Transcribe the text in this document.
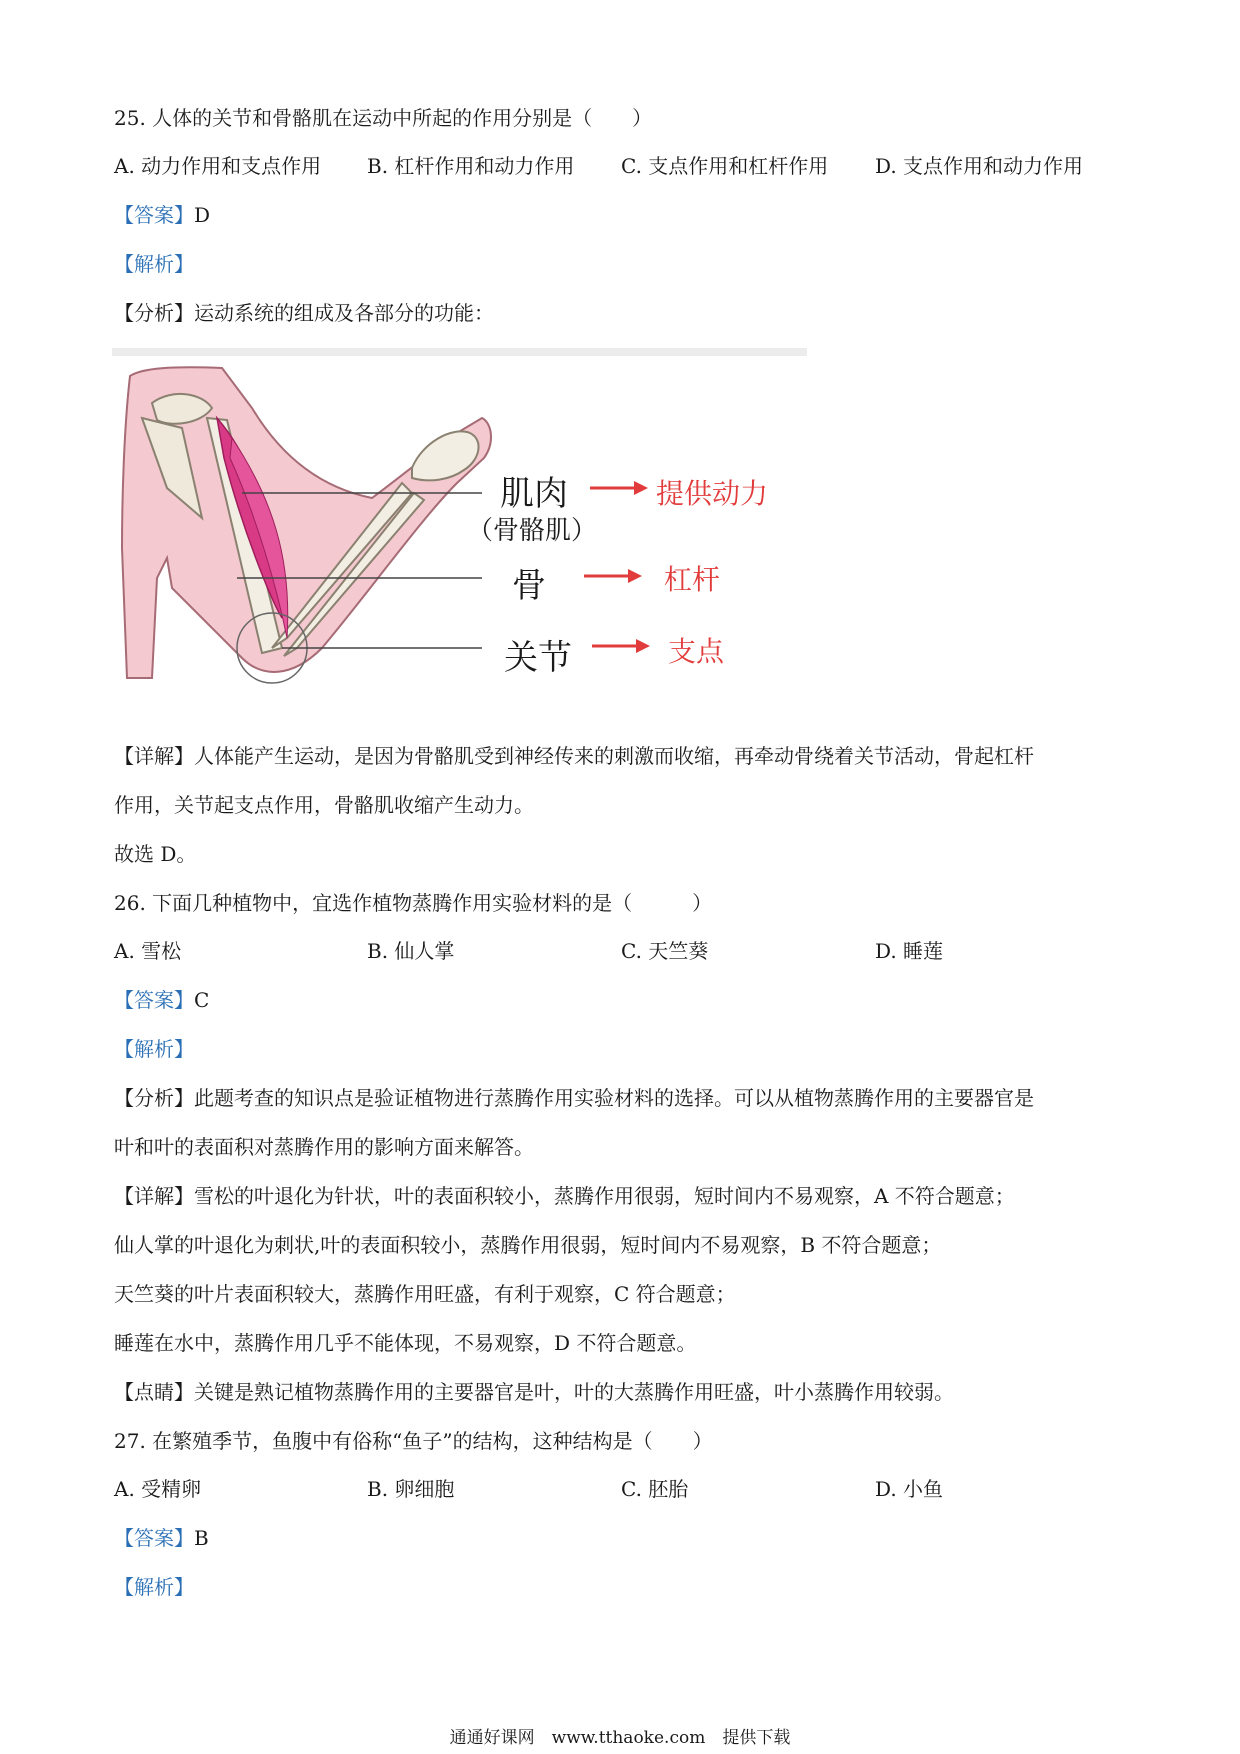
25. 人体的关节和骨骼肌在运动中所起的作用分别是（　　）
A. 动力作用和支点作用 B. 杠杆作用和动力作用 C. 支点作用和杠杆作用 D. 支点作用和动力作用
【答案】D
【解析】
【分析】运动系统的组成及各部分的功能：
肌肉
（骨骼肌）
提供动力
骨	杠杆
关节	支点
【详解】人体能产生运动，是因为骨骼肌受到神经传来的刺激而收缩，再牵动骨绕着关节活动，骨起杠杆
作用，关节起支点作用，骨骼肌收缩产生动力。
故选 D。
26. 下面几种植物中，宜选作植物蒸腾作用实验材料的是（　　　）
A. 雪松	B. 仙人掌	C. 天竺葵	D. 睡莲
【答案】C
【解析】
【分析】此题考查的知识点是验证植物进行蒸腾作用实验材料的选择。可以从植物蒸腾作用的主要器官是
叶和叶的表面积对蒸腾作用的影响方面来解答。
【详解】雪松的叶退化为针状，叶的表面积较小，蒸腾作用很弱，短时间内不易观察，A 不符合题意；
仙人掌的叶退化为刺状,叶的表面积较小，蒸腾作用很弱，短时间内不易观察，B 不符合题意；
天竺葵的叶片表面积较大，蒸腾作用旺盛，有利于观察，C 符合题意；
睡莲在水中，蒸腾作用几乎不能体现，不易观察，D 不符合题意。
【点睛】关键是熟记植物蒸腾作用的主要器官是叶，叶的大蒸腾作用旺盛，叶小蒸腾作用较弱。
27. 在繁殖季节，鱼腹中有俗称“鱼子”的结构，这种结构是（　　）
A. 受精卵	B. 卵细胞	C. 胚胎	D. 小鱼
【答案】B
【解析】
通通好课网　www.tthaoke.com　提供下载
